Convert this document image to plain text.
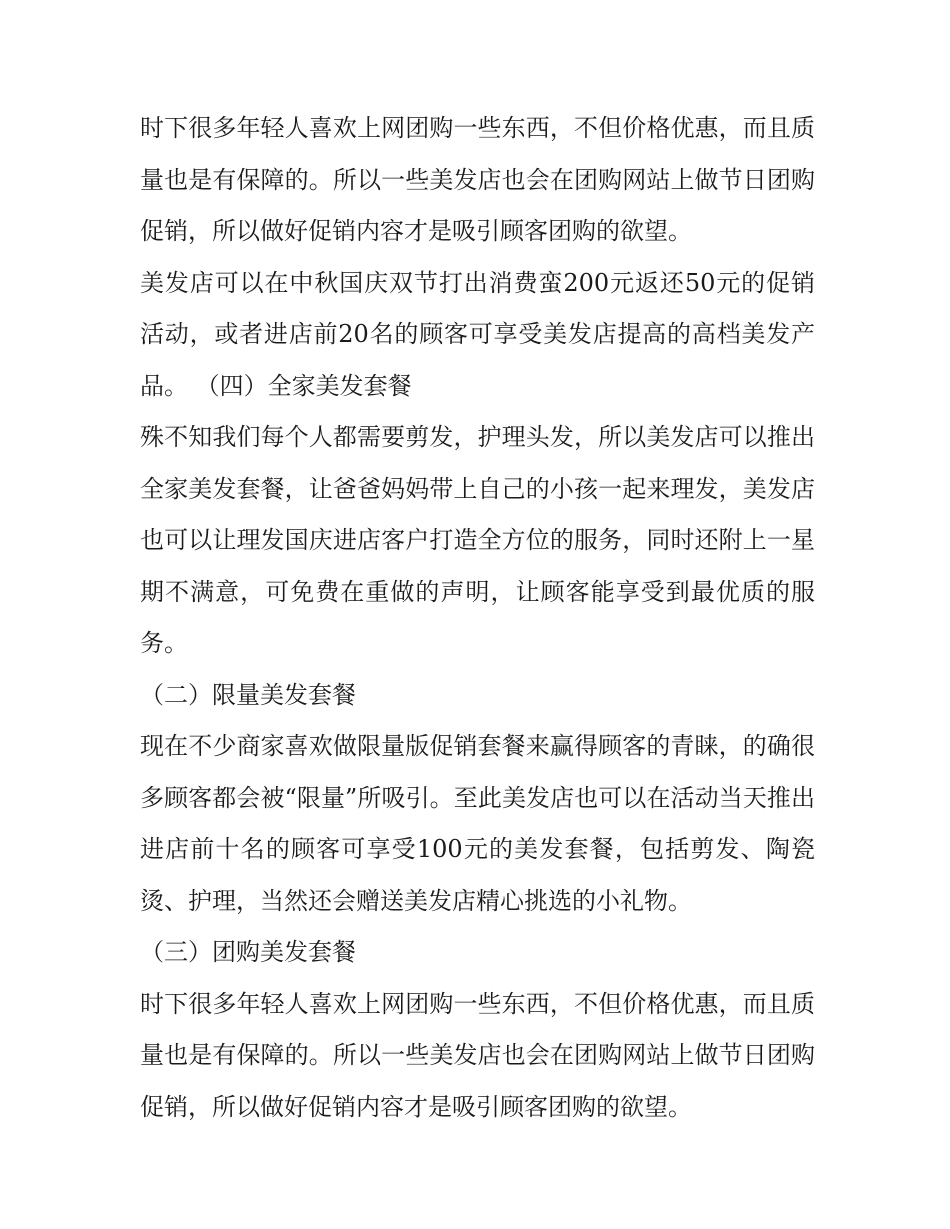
时下很多年轻人喜欢上网团购一些东西，不但价格优惠，而且质量也是有保障的。所以一些美发店也会在团购网站上做节日团购促销，所以做好促销内容才是吸引顾客团购的欲望。

美发店可以在中秋国庆双节打出消费蛮200元返还50元的促销活动，或者进店前20名的顾客可享受美发店提高的高档美发产品。 （四）全家美发套餐

殊不知我们每个人都需要剪发，护理头发，所以美发店可以推出全家美发套餐，让爸爸妈妈带上自己的小孩一起来理发，美发店也可以让理发国庆进店客户打造全方位的服务，同时还附上一星期不满意，可免费在重做的声明，让顾客能享受到最优质的服务。

（二）限量美发套餐

现在不少商家喜欢做限量版促销套餐来赢得顾客的青睐，的确很多顾客都会被“限量”所吸引。至此美发店也可以在活动当天推出进店前十名的顾客可享受100元的美发套餐，包括剪发、陶瓷烫、护理，当然还会赠送美发店精心挑选的小礼物。

（三）团购美发套餐

时下很多年轻人喜欢上网团购一些东西，不但价格优惠，而且质量也是有保障的。所以一些美发店也会在团购网站上做节日团购促销，所以做好促销内容才是吸引顾客团购的欲望。
